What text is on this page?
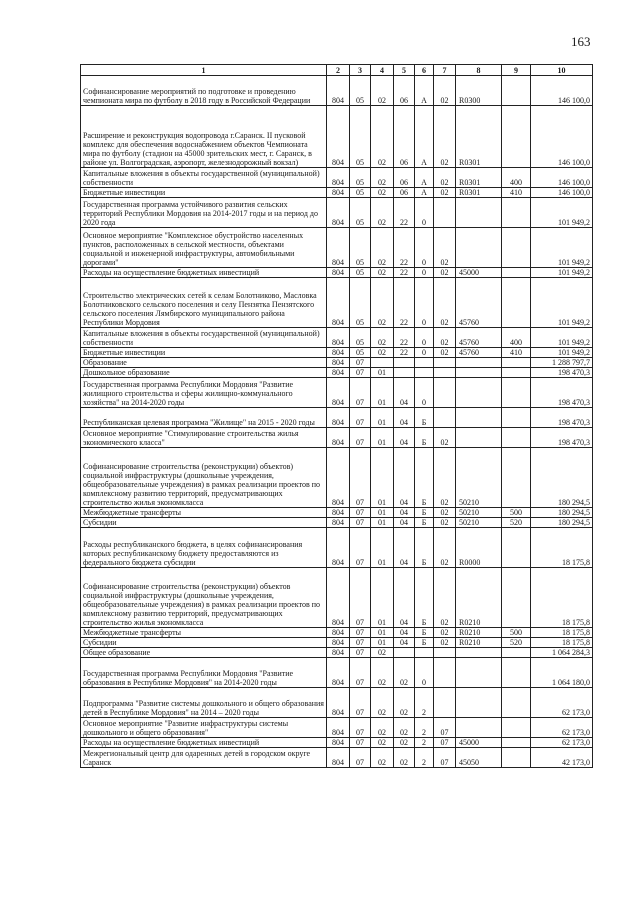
163
1	2	3	4	5	6	7	8	9	10
Софинансирование мероприятий по подготовке и проведению чемпионата мира по футболу в 2018 году в Российской Федерации	804	05	02	06	А	02	R0300		146 100,0
Расширение и реконструкция водопровода г.Саранск. II пусковой комплекс для обеспечения водоснабжением объектов Чемпионата мира по футболу (стадион на 45000 зрительских мест, г. Саранск, в районе ул. Волгоградская, аэропорт, железнодорожный вокзал)	804	05	02	06	А	02	R0301		146 100,0
Капитальные вложения в объекты государственной (муниципальной) собственности	804	05	02	06	А	02	R0301	400	146 100,0
Бюджетные инвестиции	804	05	02	06	А	02	R0301	410	146 100,0
Государственная программа устойчивого развития сельских территорий Республики Мордовия на 2014-2017 годы и на период до 2020 года	804	05	02	22	0				101 949,2
Основное мероприятие "Комплексное обустройство населенных пунктов, расположенных в сельской местности, объектами социальной и инженерной инфраструктуры, автомобильными дорогами"	804	05	02	22	0	02			101 949,2
Расходы на осуществление бюджетных инвестиций	804	05	02	22	0	02	45000		101 949,2
Строительство электрических сетей к селам Болотниково, Масловка Болотниковского сельского поселения и селу Пензятка Пензятского сельского поселения Лямбирского муниципального района Республики Мордовия	804	05	02	22	0	02	45760		101 949,2
Капитальные вложения в объекты государственной (муниципальной) собственности	804	05	02	22	0	02	45760	400	101 949,2
Бюджетные инвестиции	804	05	02	22	0	02	45760	410	101 949,2
Образование	804	07							1 288 797,7
Дошкольное образование	804	07	01						198 470,3
Государственная программа Республики Мордовия "Развитие жилищного строительства и сферы жилищно-коммунального хозяйства" на 2014-2020 годы	804	07	01	04	0				198 470,3
Республиканская целевая программа "Жилище" на 2015 - 2020 годы	804	07	01	04	Б				198 470,3
Основное мероприятие "Стимулирование строительства жилья экономического класса"	804	07	01	04	Б	02			198 470,3
Софинансирование строительства (реконструкции) объектов) социальной инфраструктуры (дошкольные учреждения, общеобразовательные учреждения) в рамках реализации проектов по комплексному развитию территорий, предусматривающих строительство жилья экономкласса	804	07	01	04	Б	02	50210		180 294,5
Межбюджетные трансферты	804	07	01	04	Б	02	50210	500	180 294,5
Субсидии	804	07	01	04	Б	02	50210	520	180 294,5
Расходы республиканского бюджета, в целях софинансирования которых республиканскому бюджету предоставляются из федерального бюджета субсидии	804	07	01	04	Б	02	R0000		18 175,8
Софинансирование строительства (реконструкции) объектов социальной инфраструктуры (дошкольные учреждения, общеобразовательные учреждения) в рамках реализации проектов по комплексному развитию территорий, предусматривающих строительство жилья экономкласса	804	07	01	04	Б	02	R0210		18 175,8
Межбюджетные трансферты	804	07	01	04	Б	02	R0210	500	18 175,8
Субсидии	804	07	01	04	Б	02	R0210	520	18 175,8
Общее образование	804	07	02						1 064 284,3
Государственная программа Республики Мордовия "Развитие образования в Республике Мордовия" на 2014-2020 годы	804	07	02	02	0				1 064 180,0
Подпрограмма "Развитие системы дошкольного и общего образования детей в Республике Мордовия" на 2014 – 2020 годы	804	07	02	02	2				62 173,0
Основное мероприятие "Развитие инфраструктуры системы дошкольного и общего образования"	804	07	02	02	2	07			62 173,0
Расходы на осуществление бюджетных инвестиций	804	07	02	02	2	07	45000		62 173,0
Межрегиональный центр для одаренных детей в городском округе Саранск	804	07	02	02	2	07	45050		42 173,0
